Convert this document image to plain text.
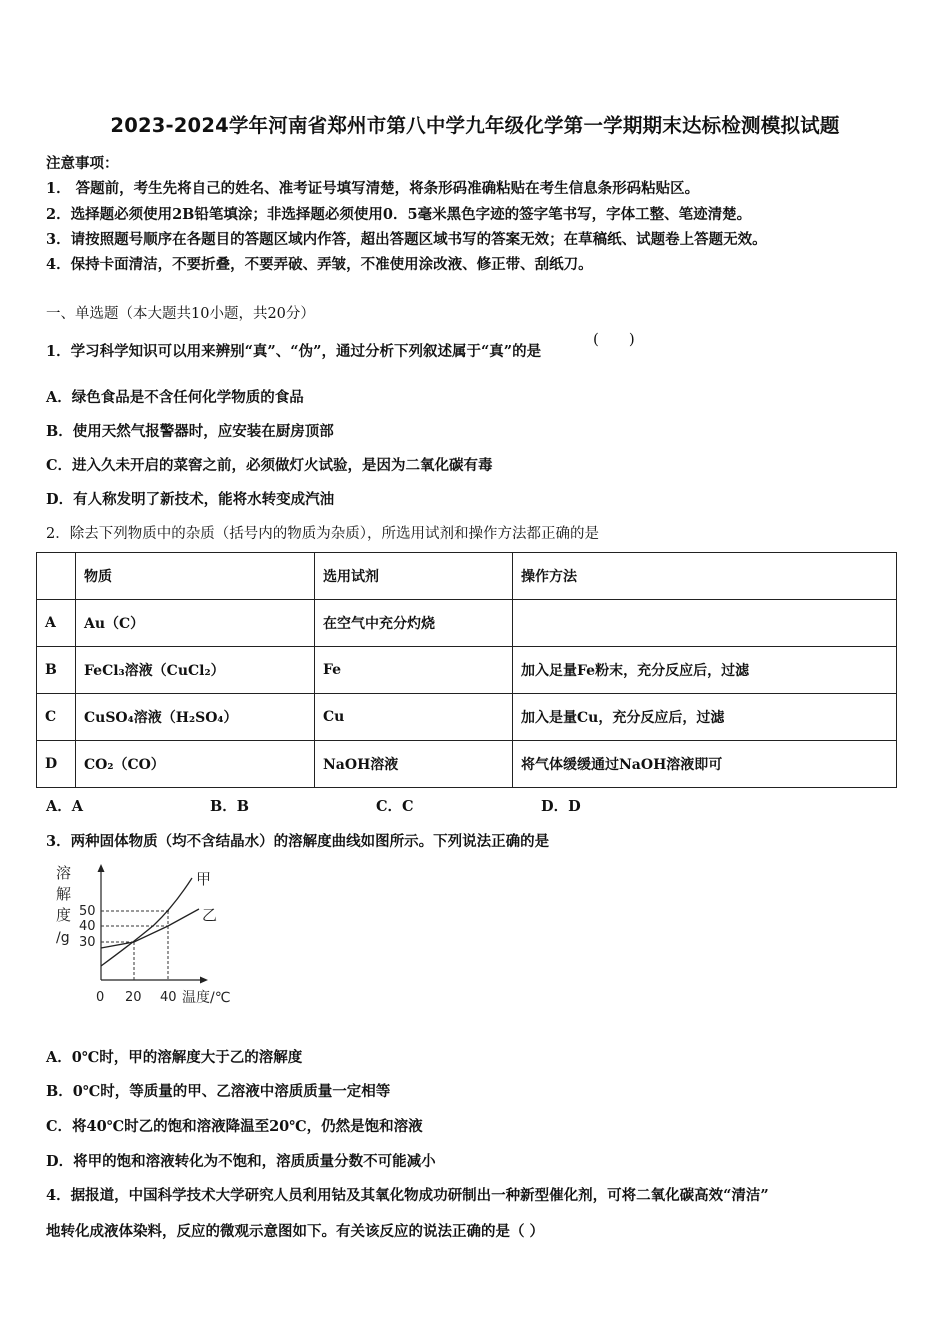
2023-2024学年河南省郑州市第八中学九年级化学第一学期期末达标检测模拟试题
注意事项：
1． 答题前，考生先将自己的姓名、准考证号填写清楚，将条形码准确粘贴在考生信息条形码粘贴区。
2．选择题必须使用2B铅笔填涂；非选择题必须使用0．5毫米黑色字迹的签字笔书写，字体工整、笔迹清楚。
3．请按照题号顺序在各题目的答题区域内作答，超出答题区域书写的答案无效；在草稿纸、试题卷上答题无效。
4．保持卡面清洁，不要折叠，不要弄破、弄皱，不准使用涂改液、修正带、刮纸刀。
一、单选题（本大题共10小题，共20分）
1．学习科学知识可以用来辨别“真”、“伪”，通过分析下列叙述属于“真”的是
(　　)
A．绿色食品是不含任何化学物质的食品
B．使用天然气报警器时，应安装在厨房顶部
C．进入久未开启的菜窖之前，必须做灯火试验，是因为二氧化碳有毒
D．有人称发明了新技术，能将水转变成汽油
2．除去下列物质中的杂质（括号内的物质为杂质），所选用试剂和操作方法都正确的是
	物质	选用试剂	操作方法
A	Au（C）	在空气中充分灼烧	
B	FeCl₃溶液（CuCl₂）	Fe	加入足量Fe粉末，充分反应后，过滤
C	CuSO₄溶液（H₂SO₄）	Cu	加入是量Cu，充分反应后，过滤
D	CO₂（CO）	NaOH溶液	将气体缓缓通过NaOH溶液即可
A．A	B．B	C．C	D．D
3．两种固体物质（均不含结晶水）的溶解度曲线如图所示。下列说法正确的是
溶
解
度
/g
50
40
30
0 20 40 温度/℃
甲
乙
A．0℃时，甲的溶解度大于乙的溶解度
B．0℃时，等质量的甲、乙溶液中溶质质量一定相等
C．将40℃时乙的饱和溶液降温至20℃，仍然是饱和溶液
D．将甲的饱和溶液转化为不饱和，溶质质量分数不可能减小
4．据报道，中国科学技术大学研究人员利用钴及其氧化物成功研制出一种新型催化剂，可将二氧化碳高效“清洁”
地转化成液体染料，反应的微观示意图如下。有关该反应的说法正确的是（ ）
